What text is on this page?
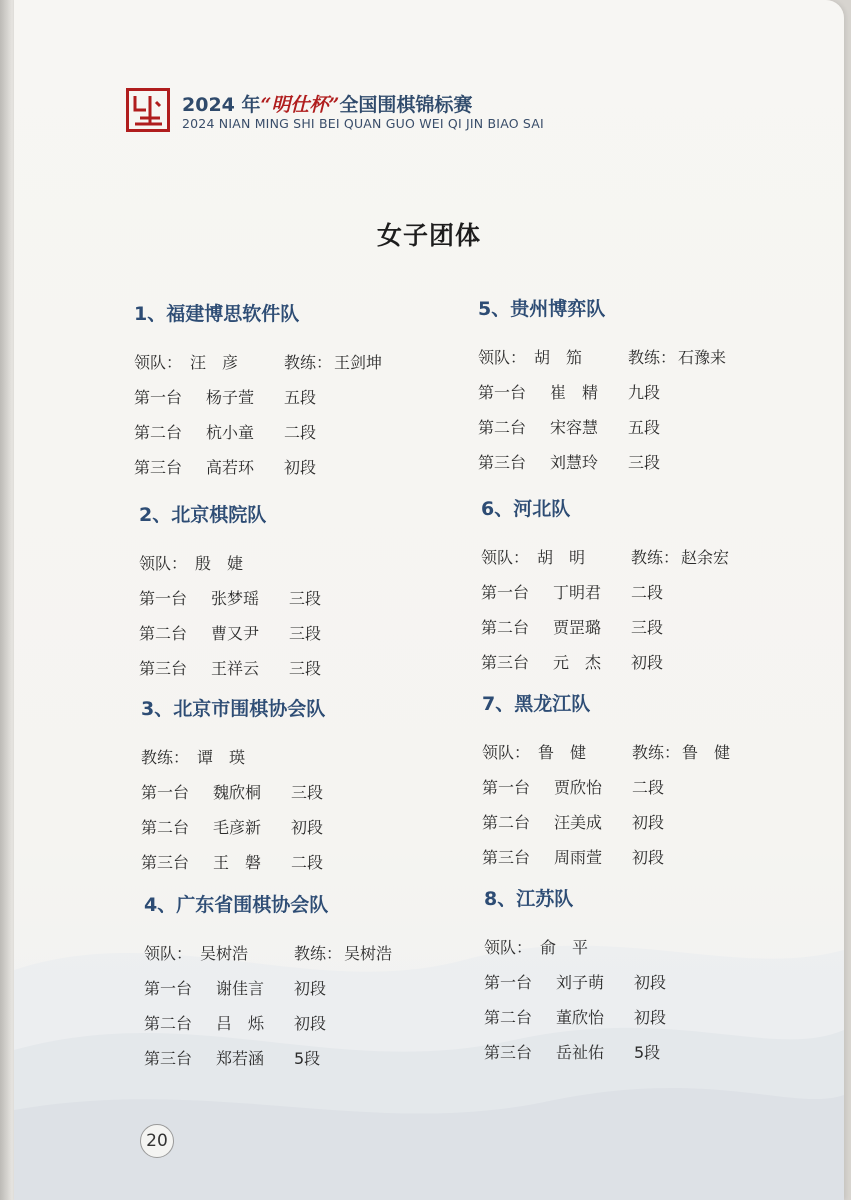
2024 年“明仕杯”全国围棋锦标赛
2024 NIAN MING SHI BEI QUAN GUO WEI QI JIN BIAO SAI
女子团体
1、福建博思软件队
领队： 汪　彦	教练： 王剑坤
第一台 杨子萱 五段
第二台 杭小童 二段
第三台 高若环 初段
2、北京棋院队
领队： 殷　婕
第一台 张梦瑶 三段
第二台 曹又尹 三段
第三台 王祥云 三段
3、北京市围棋协会队
教练： 谭　瑛
第一台 魏欣桐 三段
第二台 毛彦新 初段
第三台 王　磐 二段
4、广东省围棋协会队
领队： 吴树浩	教练： 吴树浩
第一台 谢佳言 初段
第二台 吕　烁 初段
第三台 郑若涵 5段
5、贵州博弈队
领队： 胡　笳	教练： 石豫来
第一台 崔　精 九段
第二台 宋容慧 五段
第三台 刘慧玲 三段
6、河北队
领队： 胡　明	教练： 赵余宏
第一台 丁明君 二段
第二台 贾罡璐 三段
第三台 元　杰 初段
7、黑龙江队
领队： 鲁　健	教练： 鲁　健
第一台 贾欣怡 二段
第二台 汪美成 初段
第三台 周雨萱 初段
8、江苏队
领队： 俞　平
第一台 刘子萌 初段
第二台 董欣怡 初段
第三台 岳祉佑 5段
20
